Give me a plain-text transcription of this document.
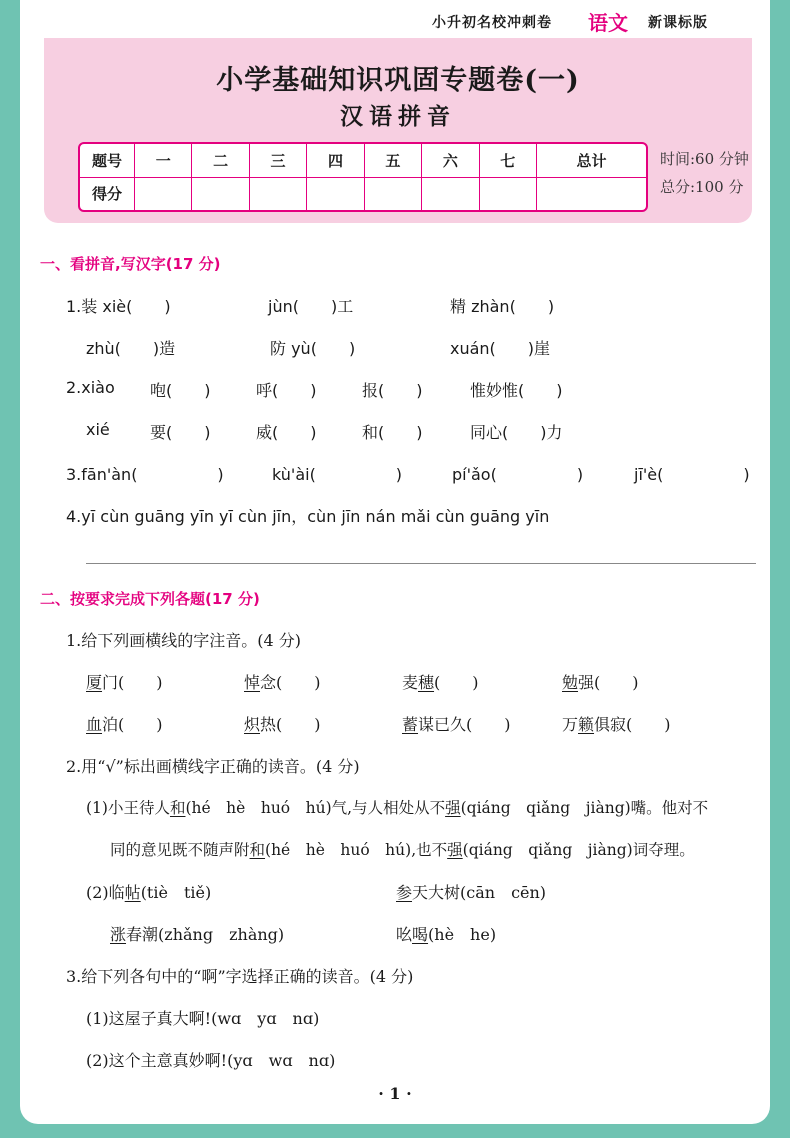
小升初名校冲刺卷 语文 新课标版
小学基础知识巩固专题卷(一)
汉语拼音
题号	一	二	三	四	五	六	七	总计
得分								
时间:60 分钟
总分:100 分
一、看拼音,写汉字(17 分)
1.装 xiè(　　)	jùn(　　)工	精 zhàn(　　)
zhù(　　)造	防 yù(　　)	xuán(　　)崖
2.xiào 咆(　　)	呼(　　)	报(　　)	惟妙惟(　　)
xié	要(　　)	威(　　)	和(　　)	同心(　　)力
3.fān'àn(　　　　　)	kù'ài(　　　　　)	pí'ǎo(　　　　　)	jī'è(　　　　　)
4.yī cùn guāng yīn yī cùn jīn，cùn jīn nán mǎi cùn guāng yīn
二、按要求完成下列各题(17 分)
1.给下列画横线的字注音。(4 分)
厦门(　　)	悼念(　　)	麦穗(　　)	勉强(　　)
血泊(　　)	炽热(　　)	蓄谋已久(　　)	万籁俱寂(　　)
2.用“√”标出画横线字正确的读音。(4 分)
(1)小王待人和(hé　hè　huó　hú)气,与人相处从不强(qiáng　qiǎng　jiàng)嘴。他对不
同的意见既不随声附和(hé　hè　huó　hú),也不强(qiáng　qiǎng　jiàng)词夺理。
(2)临帖(tiè　tiě)	参天大树(cān　cēn)
涨春潮(zhǎng　zhàng)	吆喝(hè　he)
3.给下列各句中的“啊”字选择正确的读音。(4 分)
(1)这屋子真大啊!(wɑ　yɑ　nɑ)
(2)这个主意真妙啊!(yɑ　wɑ　nɑ)
· 1 ·
